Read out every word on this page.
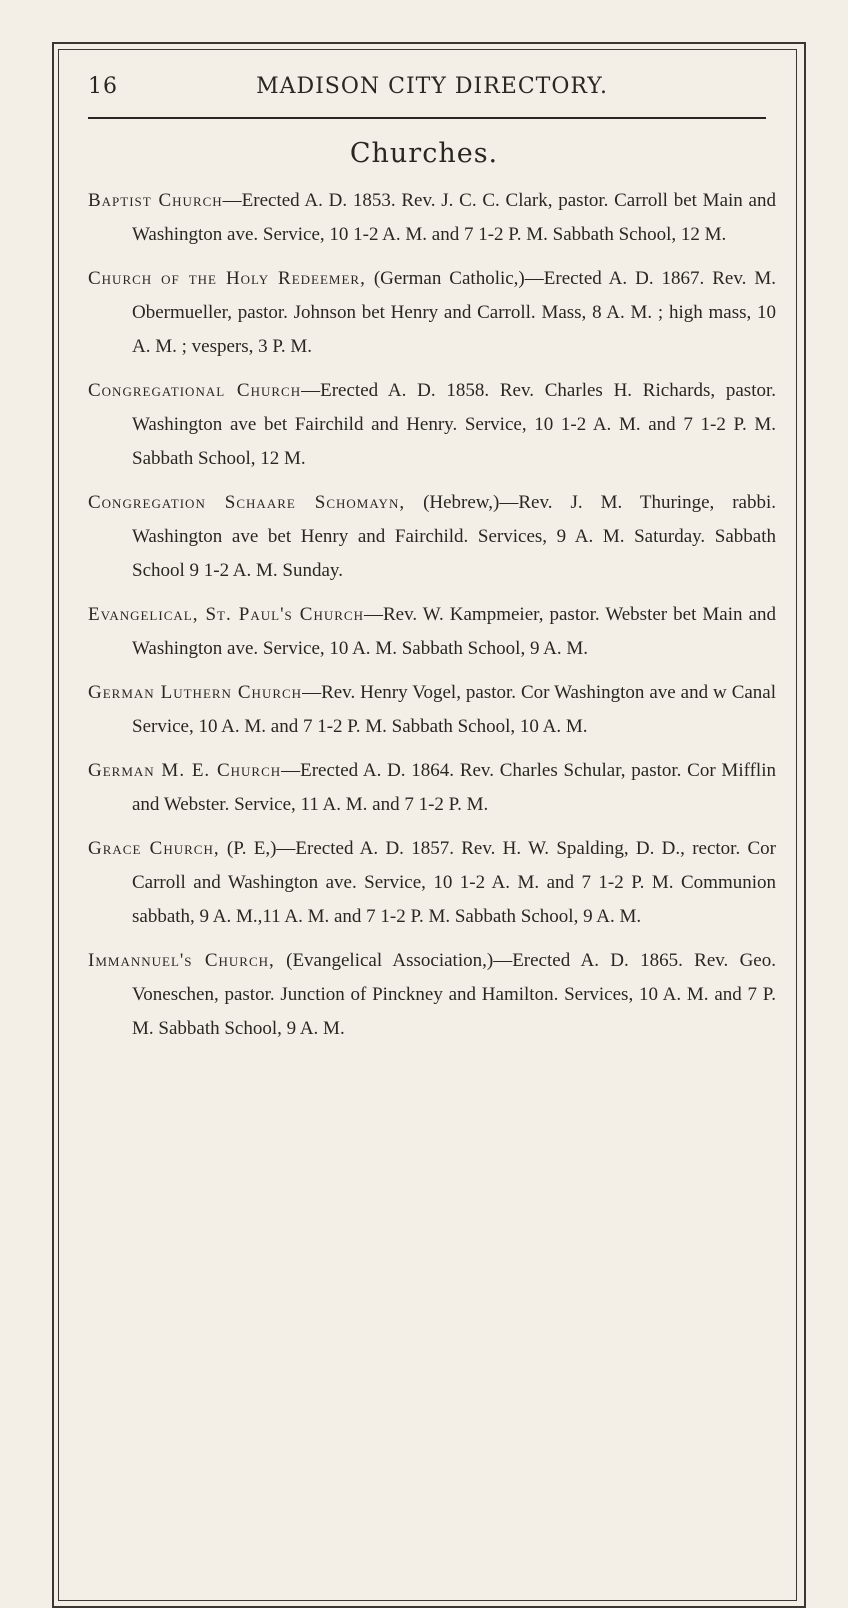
16	MADISON CITY DIRECTORY.
Churches.

Baptist Church—Erected A. D. 1853. Rev. J. C. C. Clark, pastor. Carroll bet Main and Washington ave. Service, 10 1-2 A. M. and 7 1-2 P. M. Sabbath School, 12 M.

Church of the Holy Redeemer, (German Catholic,)—Erected A. D. 1867. Rev. M. Obermueller, pastor. Johnson bet Henry and Carroll. Mass, 8 A. M. ; high mass, 10 A. M. ; vespers, 3 P. M.

Congregational Church—Erected A. D. 1858. Rev. Charles H. Richards, pastor. Washington ave bet Fairchild and Henry. Service, 10 1-2 A. M. and 7 1-2 P. M. Sabbath School, 12 M.

Congregation Schaare Schomayn, (Hebrew,)—Rev. J. M. Thuringe, rabbi. Washington ave bet Henry and Fairchild. Services, 9 A. M. Saturday. Sabbath School 9 1-2 A. M. Sunday.

Evangelical, St. Paul's Church—Rev. W. Kampmeier, pastor. Webster bet Main and Washington ave. Service, 10 A. M. Sabbath School, 9 A. M.

German Luthern Church—Rev. Henry Vogel, pastor. Cor Washington ave and w Canal Service, 10 A. M. and 7 1-2 P. M. Sabbath School, 10 A. M.

German M. E. Church—Erected A. D. 1864. Rev. Charles Schular, pastor. Cor Mifflin and Webster. Service, 11 A. M. and 7 1-2 P. M.

Grace Church, (P. E,)—Erected A. D. 1857. Rev. H. W. Spalding, D. D., rector. Cor Carroll and Washington ave. Service, 10 1-2 A. M. and 7 1-2 P. M. Communion sabbath, 9 A. M.,11 A. M. and 7 1-2 P. M. Sabbath School, 9 A. M.

Immannuel's Church, (Evangelical Association,)—Erected A. D. 1865. Rev. Geo. Voneschen, pastor. Junction of Pinckney and Hamilton. Services, 10 A. M. and 7 P. M. Sabbath School, 9 A. M.
